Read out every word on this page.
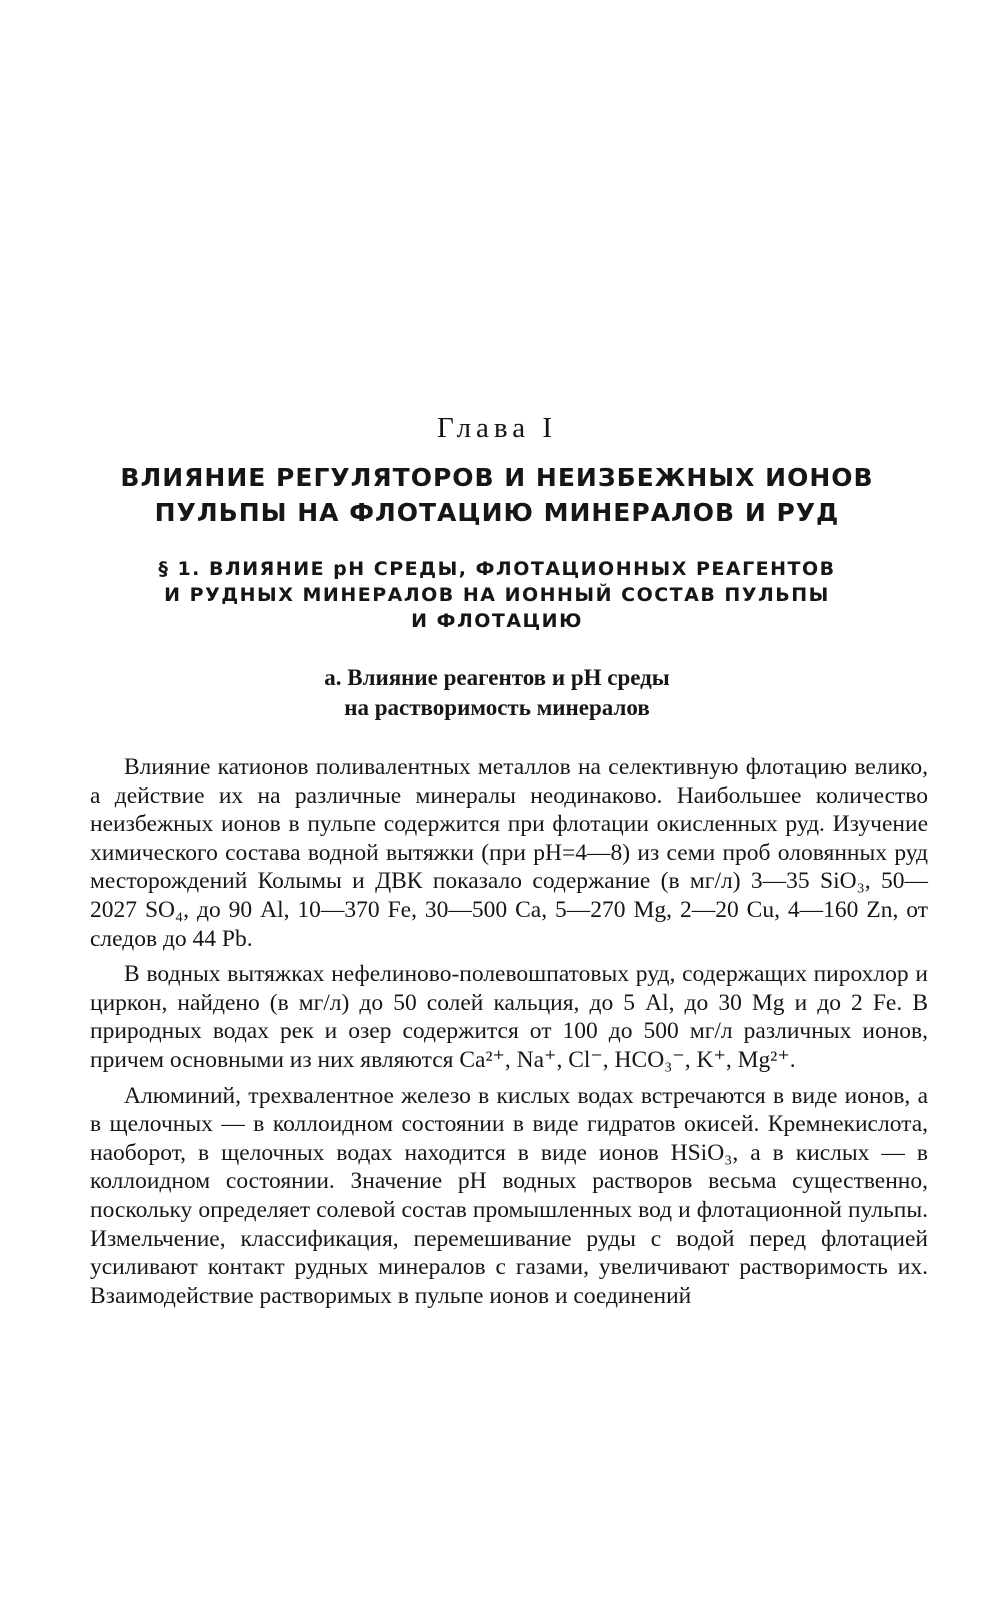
Глава I
ВЛИЯНИЕ РЕГУЛЯТОРОВ И НЕИЗБЕЖНЫХ ИОНОВ
ПУЛЬПЫ НА ФЛОТАЦИЮ МИНЕРАЛОВ И РУД
§ 1. ВЛИЯНИЕ pH СРЕДЫ, ФЛОТАЦИОННЫХ РЕАГЕНТОВ
И РУДНЫХ МИНЕРАЛОВ НА ИОННЫЙ СОСТАВ ПУЛЬПЫ
И ФЛОТАЦИЮ
а. Влияние реагентов и pH среды
на растворимость минералов

Влияние катионов поливалентных металлов на селективную флотацию велико, а действие их на различные минералы неодинаково. Наибольшее количество неизбежных ионов в пульпе содержится при флотации окисленных руд. Изучение химического состава водной вытяжки (при pH=4—8) из семи проб оловянных руд месторождений Колымы и ДВК показало содержание (в мг/л) 3—35 SiO₃, 50—2027 SO₄, до 90 Al, 10—370 Fe, 30—500 Ca, 5—270 Mg, 2—20 Cu, 4—160 Zn, от следов до 44 Pb.

В водных вытяжках нефелиново-полевошпатовых руд, содержащих пирохлор и циркон, найдено (в мг/л) до 50 солей кальция, до 5 Al, до 30 Mg и до 2 Fe. В природных водах рек и озер содержится от 100 до 500 мг/л различных ионов, причем основными из них являются Ca²⁺, Na⁺, Cl⁻, HCO₃⁻, K⁺, Mg²⁺.

Алюминий, трехвалентное железо в кислых водах встречаются в виде ионов, а в щелочных — в коллоидном состоянии в виде гидратов окисей. Кремнекислота, наоборот, в щелочных водах находится в виде ионов HSiO₃, а в кислых — в коллоидном состоянии. Значение pH водных растворов весьма существенно, поскольку определяет солевой состав промышленных вод и флотационной пульпы. Измельчение, классификация, перемешивание руды с водой перед флотацией усиливают контакт рудных минералов с газами, увеличивают растворимость их. Взаимодействие растворимых в пульпе ионов и соединений
